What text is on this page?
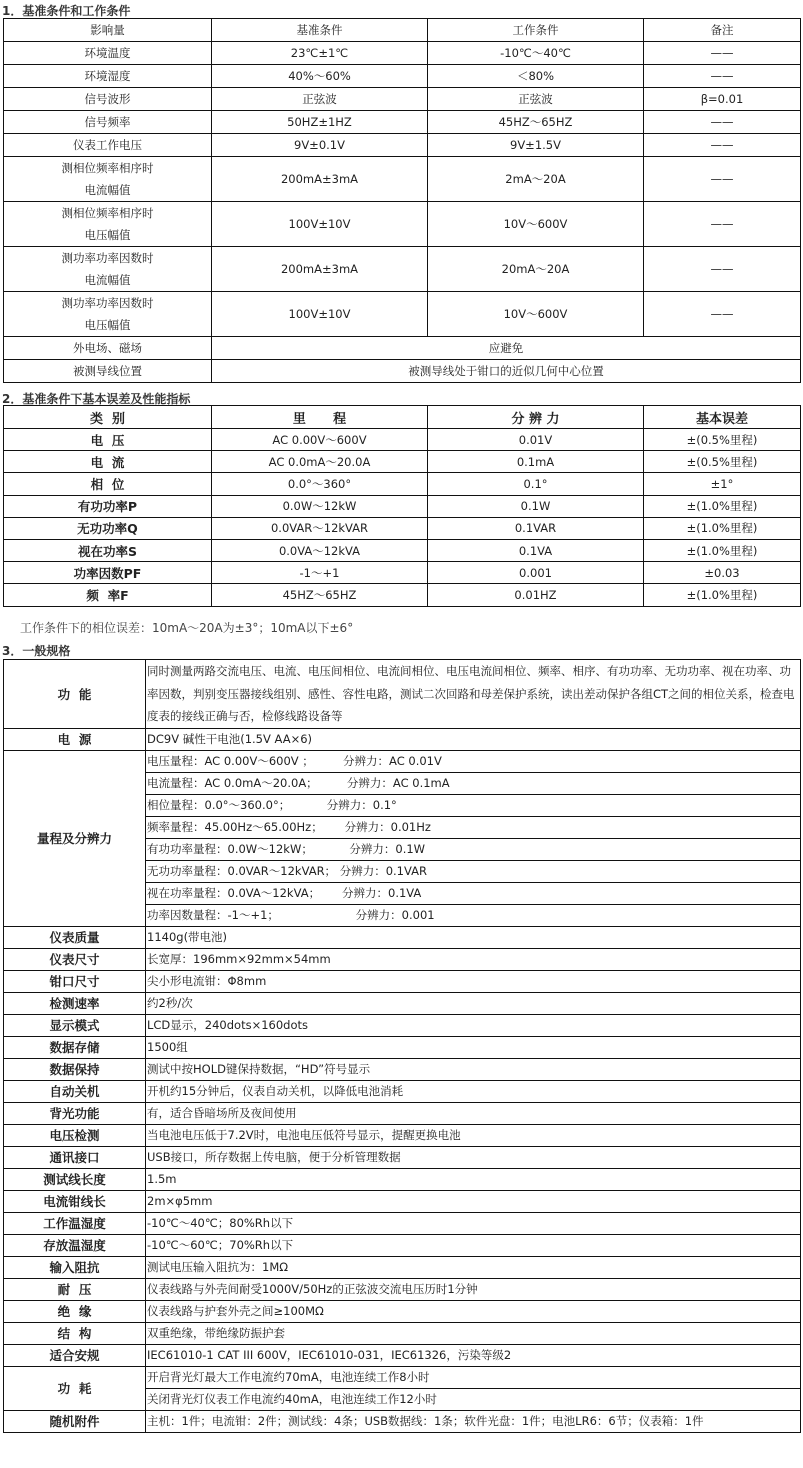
1．基准条件和工作条件
影响量	基准条件	工作条件	备注
环境温度	23℃±1℃	-10℃～40℃	——
环境湿度	40%～60%	＜80%	——
信号波形	正弦波	正弦波	β=0.01
信号频率	50HZ±1HZ	45HZ～65HZ	——
仪表工作电压	9V±0.1V	9V±1.5V	——
测相位频率相序时
电流幅值	200mA±3mA	2mA～20A	——
测相位频率相序时
电压幅值	100V±10V	10V～600V	——
测功率功率因数时
电流幅值	200mA±3mA	20mA～20A	——
测功率功率因数时
电压幅值	100V±10V	10V～600V	——
外电场、磁场	应避免		
被测导线位置	被测导线处于钳口的近似几何中心位置		
2．基准条件下基本误差及性能指标
类  别	里      程	分 辨 力	基本误差
电  压	AC 0.00V～600V	0.01V	±(0.5%里程)
电  流	AC 0.0mA～20.0A	0.1mA	±(0.5%里程)
相  位	0.0°～360°	0.1°	±1°
有功功率P	0.0W～12kW	0.1W	±(1.0%里程)
无功功率Q	0.0VAR～12kVAR	0.1VAR	±(1.0%里程)
视在功率S	0.0VA～12kVA	0.1VA	±(1.0%里程)
功率因数PF	-1～+1	0.001	±0.03
频  率F	45HZ～65HZ	0.01HZ	±(1.0%里程)
工作条件下的相位误差：10mA～20A为±3°；10mA以下±6°
3．一般规格
功  能	同时测量两路交流电压、电流、电压间相位、电流间相位、电压电流间相位、频率、相序、有功功率、无功功率、视在功率、功率因数，判别变压器接线组别、感性、容性电路，测试二次回路和母差保护系统，读出差动保护各组CT之间的相位关系，检查电度表的接线正确与否，检修线路设备等
电  源	DC9V 碱性干电池(1.5V AA×6)
量程及分辨力	电压量程：AC 0.00V～600V ；        分辨力：AC 0.01V
	电流量程：AC 0.0mA～20.0A；        分辨力：AC 0.1mA
	相位量程：0.0°～360.0°；          分辨力：0.1°
	频率量程：45.00Hz～65.00Hz；      分辨力：0.01Hz
	有功功率量程：0.0W～12kW；          分辨力：0.1W
	无功功率量程：0.0VAR～12kVAR； 分辨力：0.1VAR
	视在功率量程：0.0VA～12kVA；      分辨力：0.1VA
	功率因数量程：-1～+1；                     分辨力：0.001
仪表质量	1140g(带电池)
仪表尺寸	长宽厚：196mm×92mm×54mm
钳口尺寸	尖小形电流钳：Φ8mm
检测速率	约2秒/次
显示模式	LCD显示，240dots×160dots
数据存储	1500组
数据保持	测试中按HOLD键保持数据，“HD”符号显示
自动关机	开机约15分钟后，仪表自动关机，以降低电池消耗
背光功能	有，适合昏暗场所及夜间使用
电压检测	当电池电压低于7.2V时，电池电压低符号显示，提醒更换电池
通讯接口	USB接口，所存数据上传电脑，便于分析管理数据
测试线长度	1.5m
电流钳线长	2m×φ5mm
工作温湿度	-10℃～40℃；80%Rh以下
存放温湿度	-10℃～60℃；70%Rh以下
输入阻抗	测试电压输入阻抗为：1MΩ
耐  压	仪表线路与外壳间耐受1000V/50Hz的正弦波交流电压历时1分钟
绝  缘	仪表线路与护套外壳之间≥100MΩ
结  构	双重绝缘，带绝缘防振护套
适合安规	IEC61010-1 CAT III 600V，IEC61010-031，IEC61326，污染等级2
功  耗	开启背光灯最大工作电流约70mA，电池连续工作8小时
	关闭背光灯仪表工作电流约40mA，电池连续工作12小时
随机附件	主机：1件；电流钳：2件；测试线：4条；USB数据线：1条；软件光盘：1件；电池LR6：6节；仪表箱：1件
